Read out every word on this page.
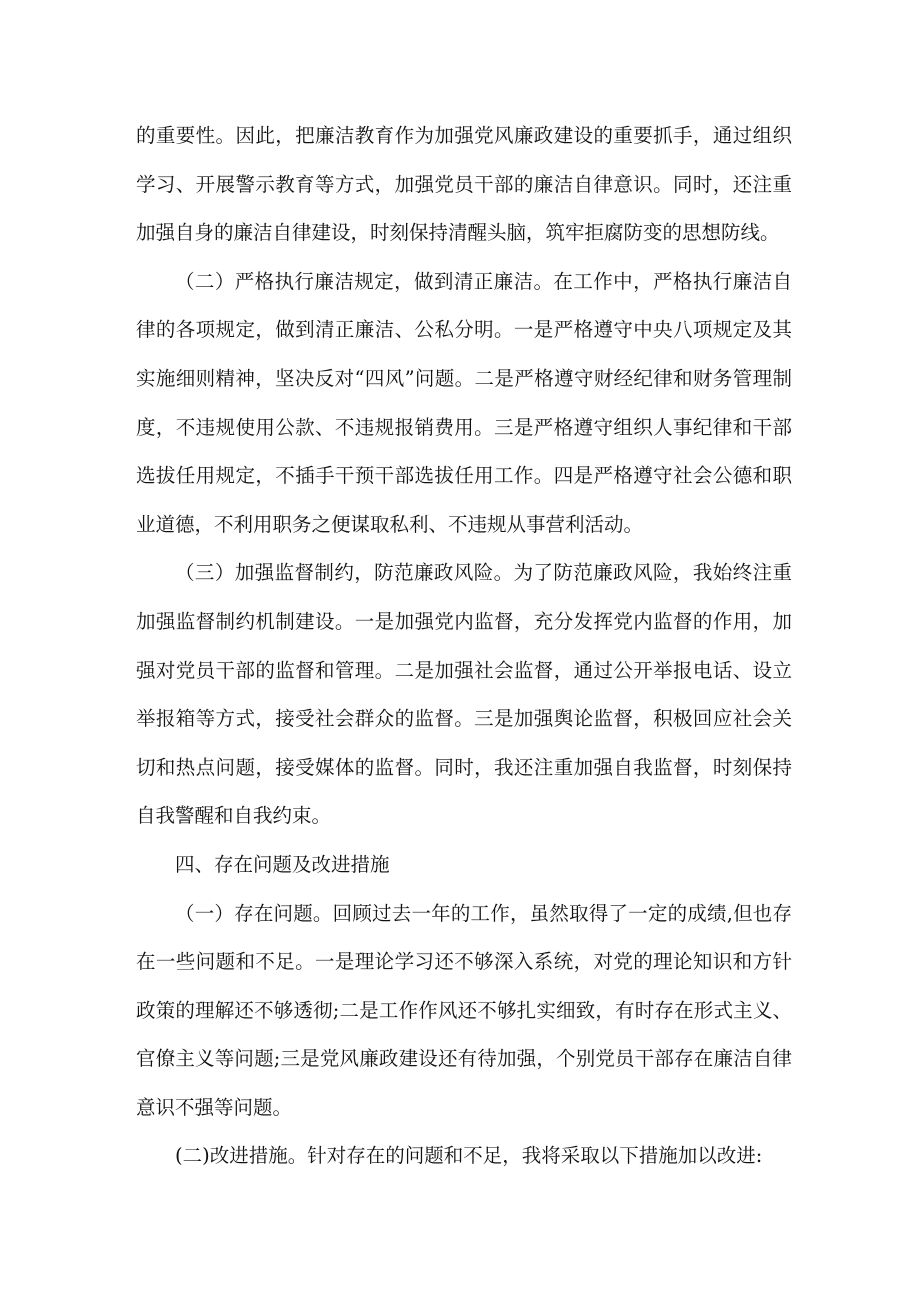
的重要性。因此，把廉洁教育作为加强党风廉政建设的重要抓手，通过组织学习、开展警示教育等方式，加强党员干部的廉洁自律意识。同时，还注重加强自身的廉洁自律建设，时刻保持清醒头脑，筑牢拒腐防变的思想防线。

（二）严格执行廉洁规定，做到清正廉洁。在工作中，严格执行廉洁自律的各项规定，做到清正廉洁、公私分明。一是严格遵守中央八项规定及其实施细则精神，坚决反对“四风”问题。二是严格遵守财经纪律和财务管理制度，不违规使用公款、不违规报销费用。三是严格遵守组织人事纪律和干部选拔任用规定，不插手干预干部选拔任用工作。四是严格遵守社会公德和职业道德，不利用职务之便谋取私利、不违规从事营利活动。

（三）加强监督制约，防范廉政风险。为了防范廉政风险，我始终注重加强监督制约机制建设。一是加强党内监督，充分发挥党内监督的作用，加强对党员干部的监督和管理。二是加强社会监督，通过公开举报电话、设立举报箱等方式，接受社会群众的监督。三是加强舆论监督，积极回应社会关切和热点问题，接受媒体的监督。同时，我还注重加强自我监督，时刻保持自我警醒和自我约束。

四、存在问题及改进措施

（一）存在问题。回顾过去一年的工作，虽然取得了一定的成绩,但也存在一些问题和不足。一是理论学习还不够深入系统，对党的理论知识和方针政策的理解还不够透彻;二是工作作风还不够扎实细致，有时存在形式主义、官僚主义等问题;三是党风廉政建设还有待加强，个别党员干部存在廉洁自律意识不强等问题。

(二)改进措施。针对存在的问题和不足，我将采取以下措施加以改进:
